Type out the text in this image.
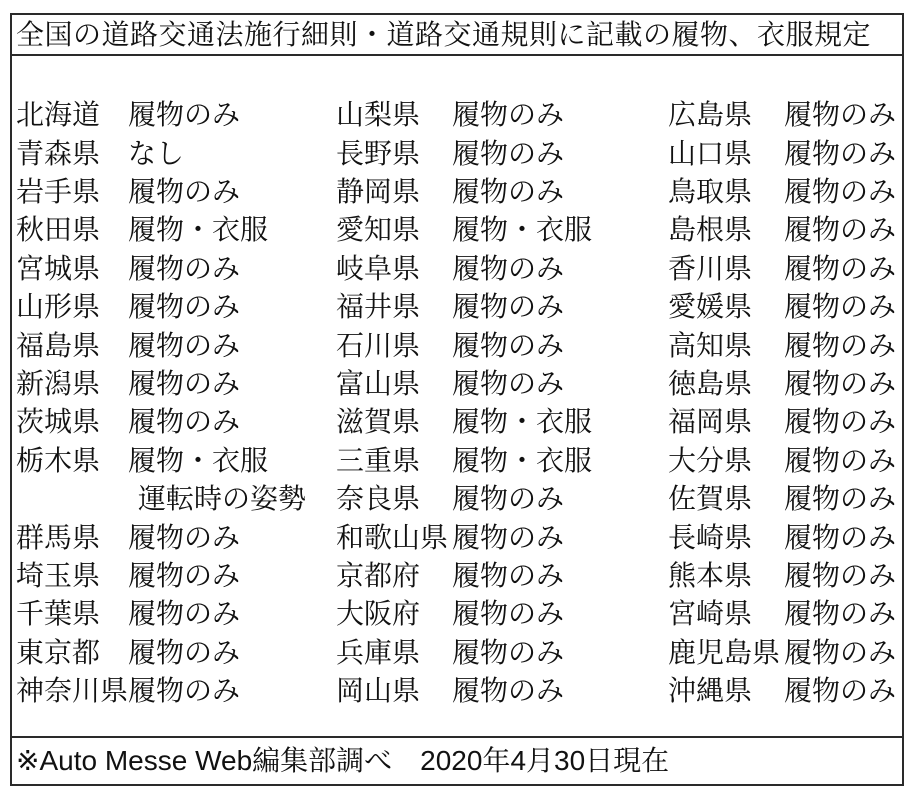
全国の道路交通法施行細則・道路交通規則に記載の履物、衣服規定
北海道 履物のみ
青森県 なし
岩手県 履物のみ
秋田県 履物・衣服
宮城県 履物のみ
山形県 履物のみ
福島県 履物のみ
新潟県 履物のみ
茨城県 履物のみ
栃木県 履物・衣服
運転時の姿勢
群馬県 履物のみ
埼玉県 履物のみ
千葉県 履物のみ
東京都 履物のみ
神奈川県 履物のみ
山梨県	履物のみ
長野県	履物のみ
静岡県	履物のみ
愛知県	履物・衣服
岐阜県	履物のみ
福井県	履物のみ
石川県	履物のみ
富山県	履物のみ
滋賀県	履物・衣服
三重県	履物・衣服
奈良県	履物のみ
和歌山県 履物のみ
京都府	履物のみ
大阪府	履物のみ
兵庫県	履物のみ
岡山県	履物のみ
広島県	履物のみ
山口県	履物のみ
鳥取県	履物のみ
島根県	履物のみ
香川県	履物のみ
愛媛県	履物のみ
高知県	履物のみ
徳島県	履物のみ
福岡県	履物のみ
大分県	履物のみ
佐賀県	履物のみ
長崎県	履物のみ
熊本県	履物のみ
宮崎県	履物のみ
鹿児島県 履物のみ
沖縄県	履物のみ
※Auto Messe Web編集部調べ　2020年4月30日現在
